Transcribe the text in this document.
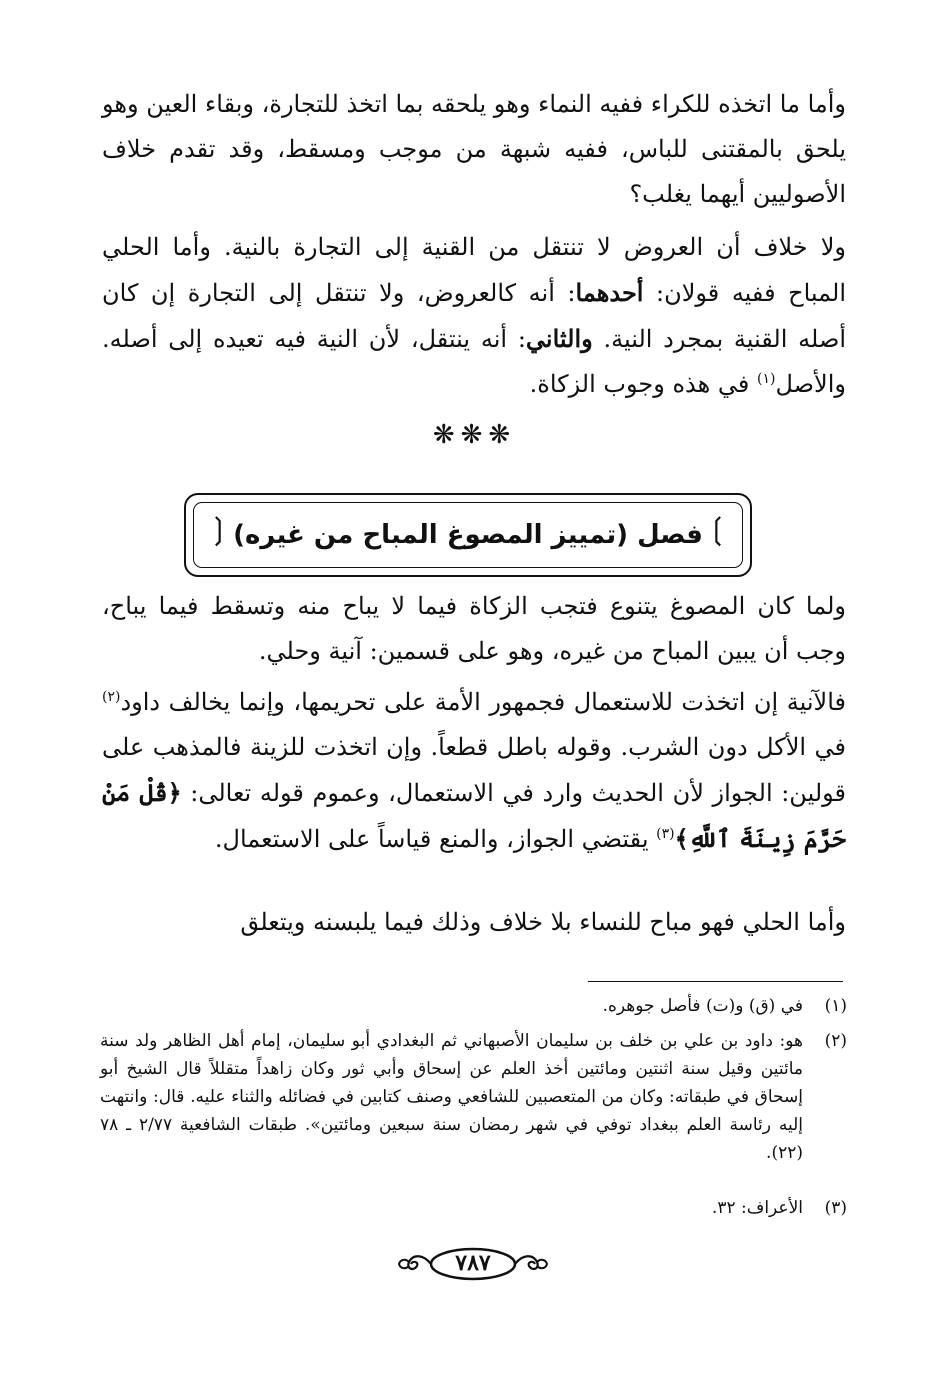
وأما ما اتخذه للكراء ففيه النماء وهو يلحقه بما اتخذ للتجارة، وبقاء العين وهو يلحق بالمقتنى للباس، ففيه شبهة من موجب ومسقط، وقد تقدم خلاف الأصوليين أيهما يغلب؟

ولا خلاف أن العروض لا تنتقل من القنية إلى التجارة بالنية. وأما الحلي المباح ففيه قولان: أحدهما: أنه كالعروض، ولا تنتقل إلى التجارة إن كان أصله القنية بمجرد النية. والثاني: أنه ينتقل، لأن النية فيه تعيده إلى أصله. والأصل$^{(١)}$ في هذه وجوب الزكاة.

❋❋❋
❲	❳
فصل (تمييز المصوغ المباح من غيره)

ولما كان المصوغ يتنوع فتجب الزكاة فيما لا يباح منه وتسقط فيما يباح، وجب أن يبين المباح من غيره، وهو على قسمين: آنية وحلي.

فالآنية إن اتخذت للاستعمال فجمهور الأمة على تحريمها، وإنما يخالف داود$^{(٢)}$ في الأكل دون الشرب. وقوله باطل قطعاً. وإن اتخذت للزينة فالمذهب على قولين: الجواز لأن الحديث وارد في الاستعمال، وعموم قوله تعالى: ﴿قُلْ مَنْ حَرَّمَ زِينَةَ ٱللَّهِ﴾$^{(٣)}$ يقتضي الجواز، والمنع قياساً على الاستعمال.

وأما الحلي فهو مباح للنساء بلا خلاف وذلك فيما يلبسنه ويتعلق

(١)
في (ق) و(ت) فأصل جوهره.
(٢)
هو: داود بن علي بن خلف بن سليمان الأصبهاني ثم البغدادي أبو سليمان، إمام أهل الظاهر ولد سنة مائتين وقيل سنة اثنتين ومائتين أخذ العلم عن إسحاق وأبي ثور وكان زاهداً متقللاً قال الشيخ أبو إسحاق في طبقاته: وكان من المتعصبين للشافعي وصنف كتابين في فضائله والثناء عليه. قال: وانتهت إليه رئاسة العلم ببغداد توفي في شهر رمضان سنة سبعين ومائتين». طبقات الشافعية ٢/٧٧ ـ ٧٨ (٢٢).
(٣)
الأعراف: ٣٢.
٧٨٧
